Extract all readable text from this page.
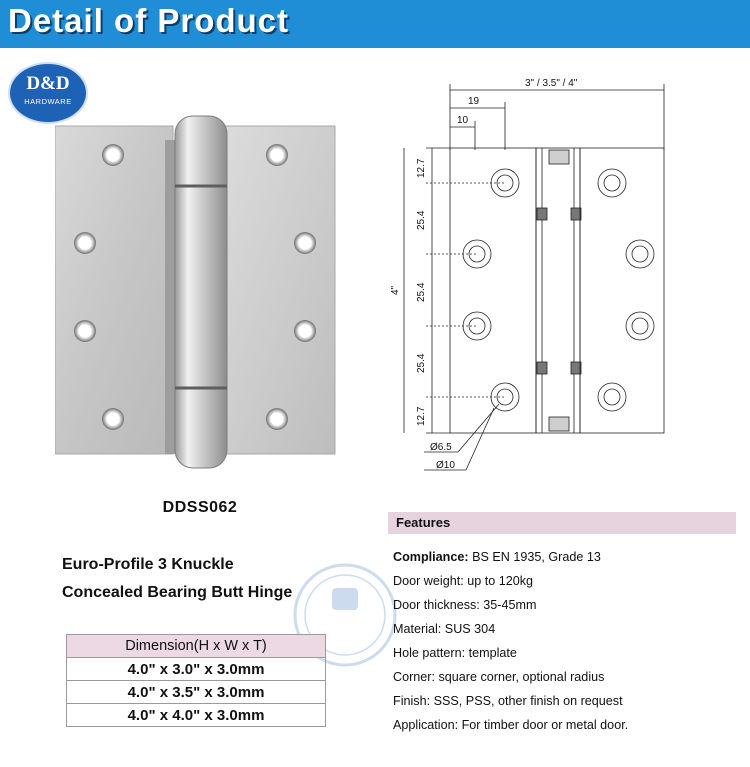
Detail of Product
D&D
HARDWARE
3" / 3.5" / 4"
19
10
12.7
25.4
25.4
25.4
12.7
4"
Ø6.5
Ø10
DDSS062
Euro-Profile 3 Knuckle
Concealed Bearing Butt Hinge
Dimension(H x W x T)
4.0" x 3.0" x 3.0mm
4.0" x 3.5" x 3.0mm
4.0" x 4.0" x 3.0mm
Features
Compliance: BS EN 1935, Grade 13
Door weight: up to 120kg
Door thickness: 35-45mm
Material: SUS 304
Hole pattern: template
Corner: square corner, optional radius
Finish: SSS, PSS, other finish on request
Application: For timber door or metal door.
